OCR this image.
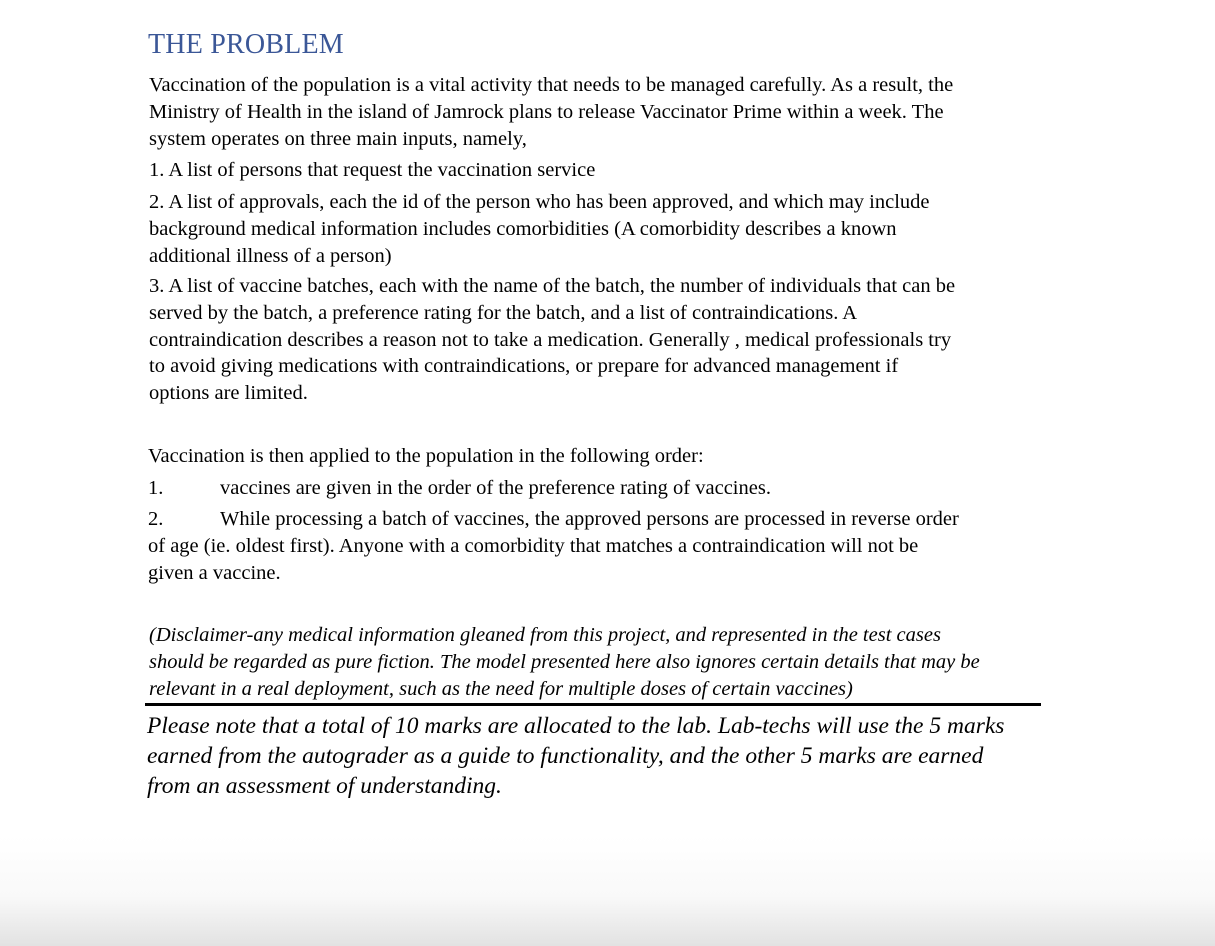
THE PROBLEM
Vaccination of the population is a vital activity that needs to be managed carefully. As a result, the
Ministry of Health in the island of Jamrock plans to release Vaccinator Prime within a week. The
system operates on three main inputs, namely,
1. A list of persons that request the vaccination service
2. A list of approvals, each the id of the person who has been approved, and which may include
background medical information includes comorbidities (A comorbidity describes a known
additional illness of a person)
3. A list of vaccine batches, each with the name of the batch, the number of individuals that can be
served by the batch, a preference rating for the batch, and a list of contraindications. A
contraindication describes a reason not to take a medication. Generally , medical professionals try
to avoid giving medications with contraindications, or prepare for advanced management if
options are limited.
Vaccination is then applied to the population in the following order:
1.	vaccines are given in the order of the preference rating of vaccines.
2.	While processing a batch of vaccines, the approved persons are processed in reverse order
of age (ie. oldest first). Anyone with a comorbidity that matches a contraindication will not be
given a vaccine.
(Disclaimer-any medical information gleaned from this project, and represented in the test cases
should be regarded as pure fiction. The model presented here also ignores certain details that may be
relevant in a real deployment, such as the need for multiple doses of certain vaccines)
Please note that a total of 10 marks are allocated to the lab. Lab-techs will use the 5 marks
earned from the autograder as a guide to functionality, and the other 5 marks are earned
from an assessment of understanding.
